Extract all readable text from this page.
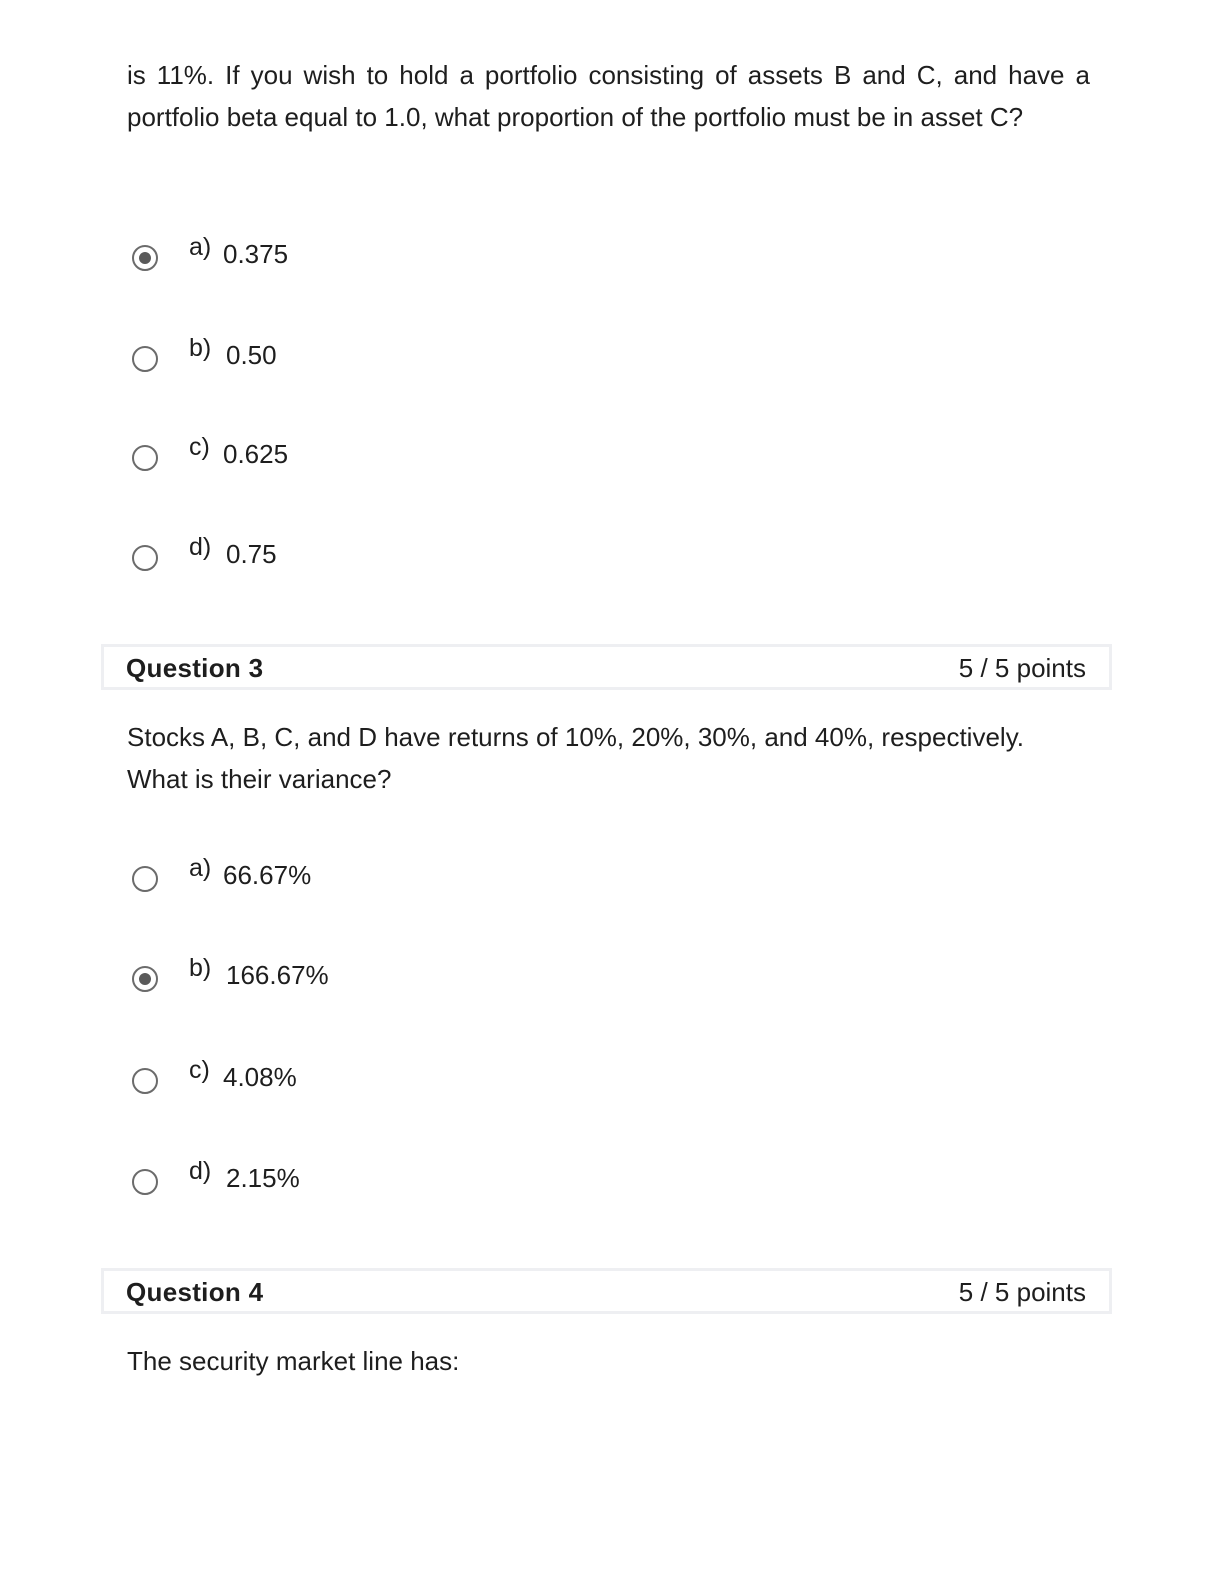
is 11%. If you wish to hold a portfolio consisting of assets B and C, and have a portfolio beta equal to 1.0, what proportion of the portfolio must be in asset C?

a) 0.375
b) 0.50
c) 0.625
d) 0.75
Question 3	5 / 5 points

Stocks A, B, C, and D have returns of 10%, 20%, 30%, and 40%, respectively. What is their variance?

a) 66.67%
b) 166.67%
c) 4.08%
d) 2.15%
Question 4	5 / 5 points

The security market line has:
